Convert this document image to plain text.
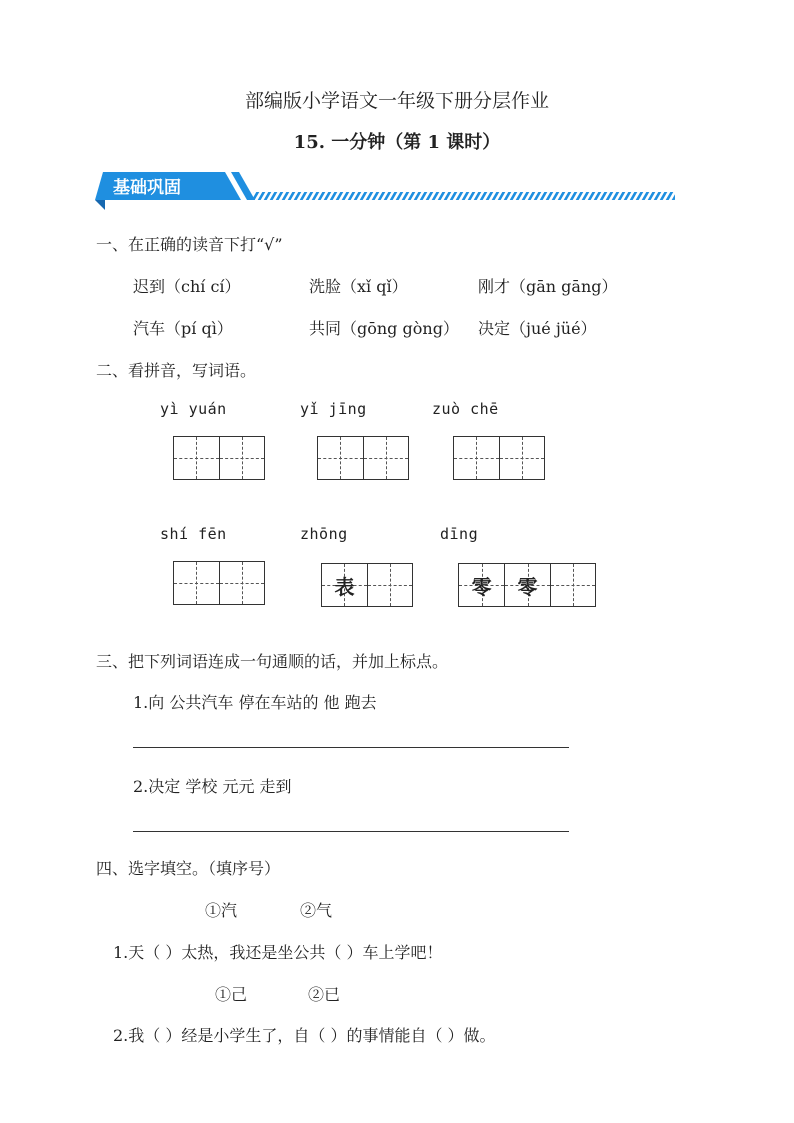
部编版小学语文一年级下册分层作业
15. 一分钟（第 1 课时）
基础巩固
一、在正确的读音下打“√”
迟到（chí cí）	洗脸（xǐ qǐ）	刚才（gān gāng）
汽车（pí qì）	共同（gōng gòng） 决定（jué jüé）
二、看拼音，写词语。
yì yuán	yǐ jīng	zuò chē
shí fēn	zhōng	dīng
表	零 零
三、把下列词语连成一句通顺的话，并加上标点。
1.向 公共汽车 停在车站的 他 跑去
2.决定 学校 元元 走到
四、选字填空。（填序号）
①汽	②气
1.天（ ）太热，我还是坐公共（ ）车上学吧！
①己	②已
2.我（ ）经是小学生了，自（ ）的事情能自（ ）做。
